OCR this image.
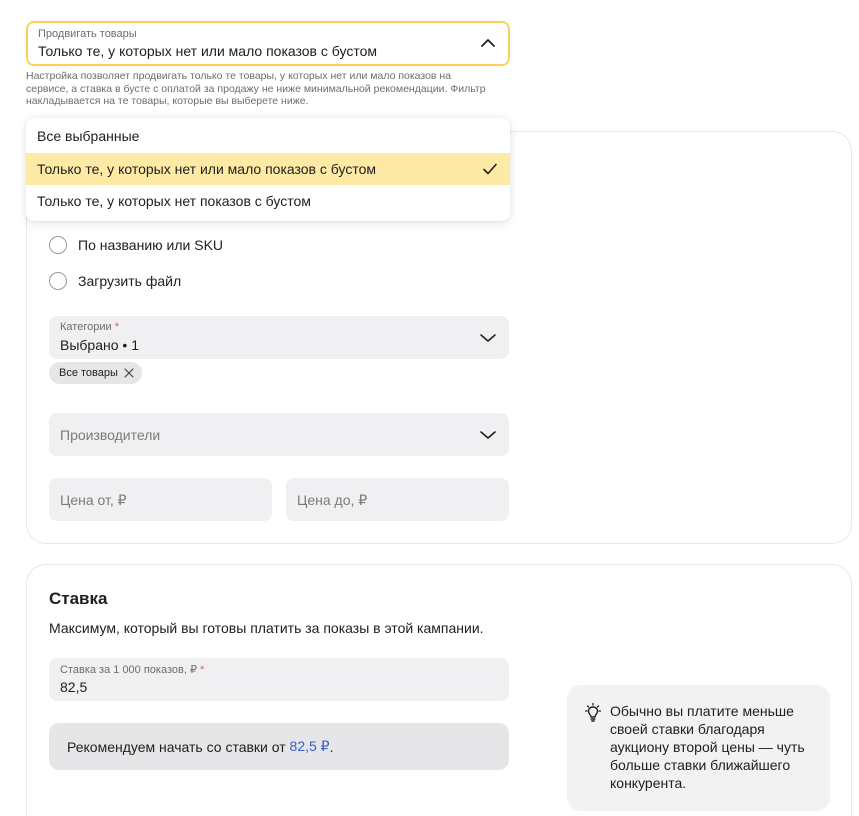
Продвигать товары
Только те, у которых нет или мало показов с бустом
Настройка позволяет продвигать только те товары, у которых нет или мало показов на сервисе, а ставка в бусте с оплатой за продажу не ниже минимальной рекомендации. Фильтр накладывается на те товары, которые вы выберете ниже.
По названию или SKU
Загрузить файл
Категории *
Выбрано • 1
Все товары
Производители
Цена от, ₽	Цена до, ₽
Ставка
Максимум, который вы готовы платить за показы в этой кампании.
Ставка за 1 000 показов, ₽ *
82,5
Рекомендуем начать со ставки от 82,5 ₽ .
Обычно вы платите меньше своей ставки благодаря аукциону второй цены — чуть больше ставки ближайшего конкурента.
Все выбранные
Только те, у которых нет или мало показов с бустом
Только те, у которых нет показов с бустом
